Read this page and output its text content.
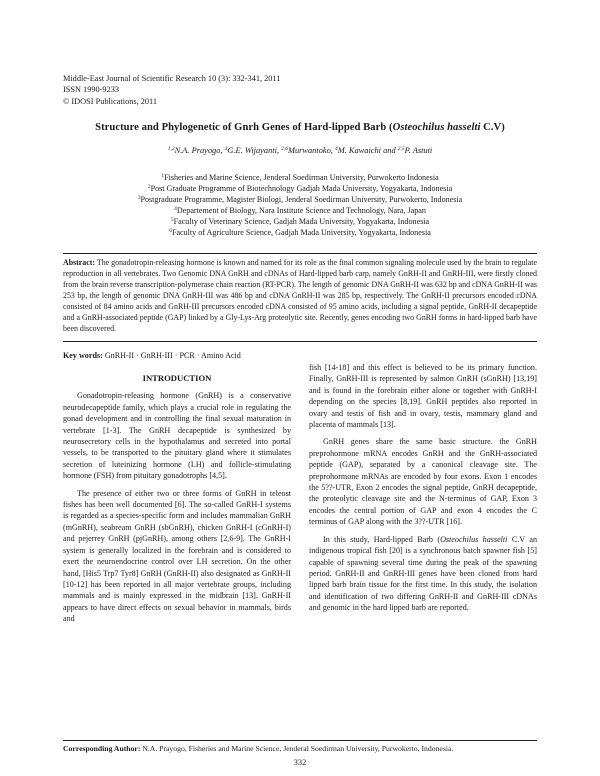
Middle-East Journal of Scientific Research 10 (3): 332-341, 2011
ISSN 1990-9233
© IDOSI Publications, 2011
Structure and Phylogenetic of Gnrh Genes of Hard-lipped Barb (Osteochilus hasselti C.V)
$^{1,2}$N.A. Prayogo, $^3$G.E. Wijayanti, $^{2,6}$Murwantoko, $^4$M. Kawaichi and $^{2,5}$P. Astuti
$^1$Fisheries and Marine Science, Jenderal Soedirman University, Purwokerto Indonesia
$^2$Post Graduate Programme of Biotechnology Gadjah Mada University, Yogyakarta, Indonesia
$^3$Postgraduate Programme, Magister Biologi, Jenderal Soedirman University, Purwokerto, Indonesia
$^4$Departement of Biology, Nara Institute Science and Technology, Nara, Japan
$^5$Faculty of Veterinary Science, Gadjah Mada University, Yogyakarta, Indonesia
$^6$Faculty of Agriculture Science, Gadjah Mada University, Yogyakarta, Indonesia
Abstract: The gonadotropin-releasing hormone is known and named for its role as the final common signaling molecule used by the brain to regulate reproduction in all vertebrates. Two Genomic DNA GnRH and cDNAs of Hard-lipped barb carp, namely GnRH-II and GnRH-III, were firstly cloned from the brain reverse transcription-polymerase chain reaction (RT-PCR). The length of genomic DNA GnRH-II was 632 bp and cDNA GnRH-II was 253 bp, the length of genomic DNA GnRH-III was 486 bp and cDNA GnRH-II was 285 bp, respectively. The GnRH-II precursors encoded cDNA consisted of 84 amino acids and GnRH-III precursors encoded cDNA consisted of 95 amino acids, including a signal peptide, GnRH-II decapeptide and a GnRH-associated peptide (GAP) linked by a Gly-Lys-Arg proteolytic site. Recently, genes encoding two GnRH forms in hard-lipped barb have been discovered.
Key words: GnRH-II · GnRH-III · PCR · Amino Acid

INTRODUCTION

Gonadotropin-releasing hormone (GnRH) is a conservative neurodecapeptide family, which plays a crucial role in regulating the gonad development and in controlling the final sexual maturation in vertebrate [1-3]. The GnRH decapeptide is synthesized by neurosecretory cells in the hypothalamus and secreted into portal vessels, to be transported to the pituitary gland where it stimulates secretion of luteinizing hormone (LH) and follicle-stimulating hormone (FSH) from pituitary gonadotrophs [4,5].

The presence of either two or three forms of GnRH in teleost fishes has been well documented [6]. The so-called GnRH-I systems is regarded as a species-specific form and includes mammalian GnRH (mGnRH), seabream GnRH (sbGnRH), chicken GnRH-I (cGnRH-I) and pejerrey GnRH (pjGnRH), among others [2,6-9]. The GnRH-I system is generally localized in the forebrain and is considered to exert the neuroendocrine control over LH secretion. On the other hand, [His5 Trp7 Tyr8] GnRH (GnRH-II) also designated as GnRH-II [10-12] has been reported in all major vertebrate groups, including mammals and is mainly expressed in the midbrain [13]. GnRH-II appears to have direct effects on sexual behavior in mammals, birds and

fish [14-18] and this effect is believed to be its primary function. Finally, GnRH-III is represented by salmon GnRH (sGnRH) [13,19] and is found in the forebrain either alone or together with GnRH-I depending on the species [8,19]. GnRH peptides also reported in ovary and testis of fish and in ovary, testis, mammary gland and placenta of mammals [13].

GnRH genes share the same basic structure. the GnRH preprohormone mRNA encodes GnRH and the GnRH-associated peptide (GAP), separated by a canonical cleavage site. The preprohormone mRNAs are encoded by four exons. Exon 1 encodes the 5??-UTR, Exon 2 encodes the signal peptide, GnRH decapeptide, the proteolytic cleavage site and the N-terminus of GAP, Exon 3 encodes the central portion of GAP and exon 4 encodes the C terminus of GAP along with the 3??-UTR [16].

In this study, Hard-lipped Barb (Osteochilus hasselti C.V an indigenous tropical fish [20] is a synchronous batch spawner fish [5] capable of spawning several time during the peak of the spawning period. GnRH-II and GnRH-III genes have been cloned from hard lipped barb brain tissue for the first time. In this study, the isolation and identification of two differing GnRH-II and GnRH-III cDNAs and genomic in the hard lipped barb are reported.

Corresponding Author: N.A. Prayogo, Fisheries and Marine Science, Jenderal Soedirman University, Purwokerto, Indonesia.
332
